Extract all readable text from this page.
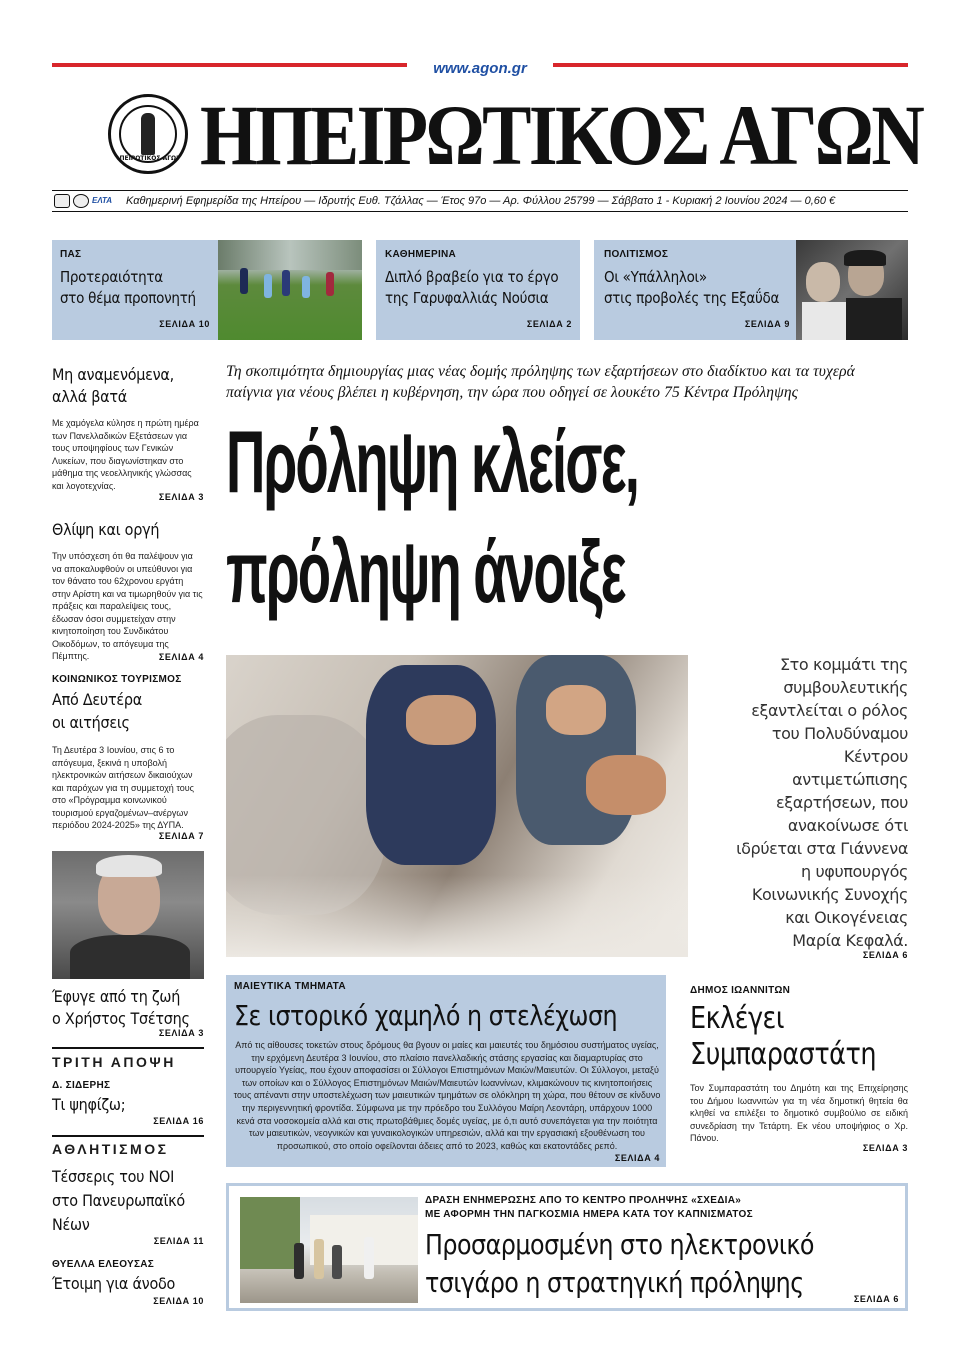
www.agon.gr
ΑΠΕΙΡΩΤΙΚΟΣ ΑΓΩΝ ΗΠΕΙΡΩΤΙΚΟΣ ΑΓΩΝ
ΕΛΤΑ	Καθημερινή Εφημερίδα της Ηπείρου — Ιδρυτής Ευθ. Τζάλλας — Έτος 97ο — Αρ. Φύλλου 25799 — Σάββατο 1 - Κυριακή 2 Ιουνίου 2024 — 0,60 €
ΠΑΣ
Προτεραιότητα
στο θέμα προπονητή
ΣΕΛΙΔΑ 10
ΚΑΘΗΜΕΡΙΝΑ
Διπλό βραβείο για το έργο
της Γαρυφαλλιάς Νούσια
ΣΕΛΙΔΑ 2
ΠΟΛΙΤΙΣΜΟΣ
Οι «Υπάλληλοι»
στις προβολές της Εξαΰδα
ΣΕΛΙΔΑ 9
Μη αναμενόμενα,
αλλά βατά
Με χαμόγελα κύλησε η πρώτη ημέρα των Πανελλαδικών Εξετάσεων για τους υποψηφίους των Γενικών Λυκείων, που διαγωνίστηκαν στο μάθημα της νεοελληνικής γλώσσας και λογοτεχνίας.
ΣΕΛΙΔΑ 3
Θλίψη και οργή
Την υπόσχεση ότι θα παλέψουν για να αποκαλυφθούν οι υπεύθυνοι για τον θάνατο του 62χρονου εργάτη στην Αρίστη και να τιμωρηθούν για τις πράξεις και παραλείψεις τους, έδωσαν όσοι συμμετείχαν στην κινητοποίηση του Συνδικάτου Οικοδόμων, το απόγευμα της Πέμπτης.	ΣΕΛΙΔΑ 4
ΚΟΙΝΩΝΙΚΟΣ ΤΟΥΡΙΣΜΟΣ
Από Δευτέρα
οι αιτήσεις
Τη Δευτέρα 3 Ιουνίου, στις 6 το απόγευμα, ξεκινά η υποβολή ηλεκτρονικών αιτήσεων δικαιούχων και παρόχων για τη συμμετοχή τους στο «Πρόγραμμα κοινωνικού τουρισμού εργαζομένων–ανέργων περιόδου 2024-2025» της ΔΥΠΑ.
ΣΕΛΙΔΑ 7
Έφυγε από τη ζωή
ο Χρήστος Τσέτσης
ΣΕΛΙΔΑ 3
ΤΡΙΤΗ ΑΠΟΨΗ
Δ. ΣΙΔΕΡΗΣ
Τι ψηφίζω;
ΣΕΛΙΔΑ 16
ΑΘΛΗΤΙΣΜΟΣ
Τέσσερις του ΝΟΙ
στο Πανευρωπαϊκό
Νέων
ΣΕΛΙΔΑ 11
ΘΥΕΛΛΑ ΕΛΕΟΥΣΑΣ
Έτοιμη για άνοδο
ΣΕΛΙΔΑ 10
Τη σκοπιμότητα δημιουργίας μιας νέας δομής πρόληψης των εξαρτήσεων στο διαδίκτυο και τα τυχερά
παίγνια για νέους βλέπει η κυβέρνηση, την ώρα που οδηγεί σε λουκέτο 75 Κέντρα Πρόληψης
Πρόληψη κλείσε,
πρόληψη άνοιξε
Στο κομμάτι της
συμβουλευτικής
εξαντλείται ο ρόλος
του Πολυδύναμου
Κέντρου
αντιμετώπισης
εξαρτήσεων, που
ανακοίνωσε ότι
ιδρύεται στα Γιάννενα
η υφυπουργός
Κοινωνικής Συνοχής
και Οικογένειας
Μαρία Κεφαλά.
ΣΕΛΙΔΑ 6
ΜΑΙΕΥΤΙΚΑ ΤΜΗΜΑΤΑ
Σε ιστορικό χαμηλό η στελέχωση
Από τις αίθουσες τοκετών στους δρόμους θα βγουν οι μαίες και μαιευτές του δημόσιου συστήματος υγείας, την ερχόμενη Δευτέρα 3 Ιουνίου, στο πλαίσιο πανελλαδικής στάσης εργασίας και διαμαρτυρίας στο υπουργείο Υγείας, που έχουν αποφασίσει οι Σύλλογοι Επιστημόνων Μαιών/Μαιευτών. Οι Σύλλογοι, μεταξύ των οποίων και ο Σύλλογος Επιστημόνων Μαιών/Μαιευτών Ιωαννίνων, κλιμακώνουν τις κινητοποιήσεις τους απέναντι στην υποστελέχωση των μαιευτικών τμημάτων σε ολόκληρη τη χώρα, που θέτουν σε κίνδυνο την περιγεννητική φροντίδα. Σύμφωνα με την πρόεδρο του Συλλόγου Μαίρη Λεοντάρη, υπάρχουν 1000 κενά στα νοσοκομεία αλλά και στις πρωτοβάθμιες δομές υγείας, με ό,τι αυτό συνεπάγεται για την ποιότητα των μαιευτικών, νεογνικών και γυναικολογικών υπηρεσιών, αλλά και την εργασιακή εξουθένωση του προσωπικού, στο οποίο οφείλονται άδειες από το 2023, καθώς και εκατοντάδες ρεπό.
ΣΕΛΙΔΑ 4
ΔΗΜΟΣ ΙΩΑΝΝΙΤΩΝ
Εκλέγει
Συμπαραστάτη
Τον Συμπαραστάτη του Δημότη και της Επιχείρησης του Δήμου Ιωαννιτών για τη νέα δημοτική θητεία θα κληθεί να επιλέξει το δημοτικό συμβούλιο σε ειδική συνεδρίαση την Τετάρτη. Εκ νέου υποψήφιος ο Χρ. Πάνου.
ΣΕΛΙΔΑ 3
ΔΡΑΣΗ ΕΝΗΜΕΡΩΣΗΣ ΑΠΟ ΤΟ ΚΕΝΤΡΟ ΠΡΟΛΗΨΗΣ «ΣΧΕΔΙΑ»
ΜΕ ΑΦΟΡΜΗ ΤΗΝ ΠΑΓΚΟΣΜΙΑ ΗΜΕΡΑ ΚΑΤΑ ΤΟΥ ΚΑΠΝΙΣΜΑΤΟΣ
Προσαρμοσμένη στο ηλεκτρονικό
τσιγάρο η στρατηγική πρόληψης	ΣΕΛΙΔΑ 6
